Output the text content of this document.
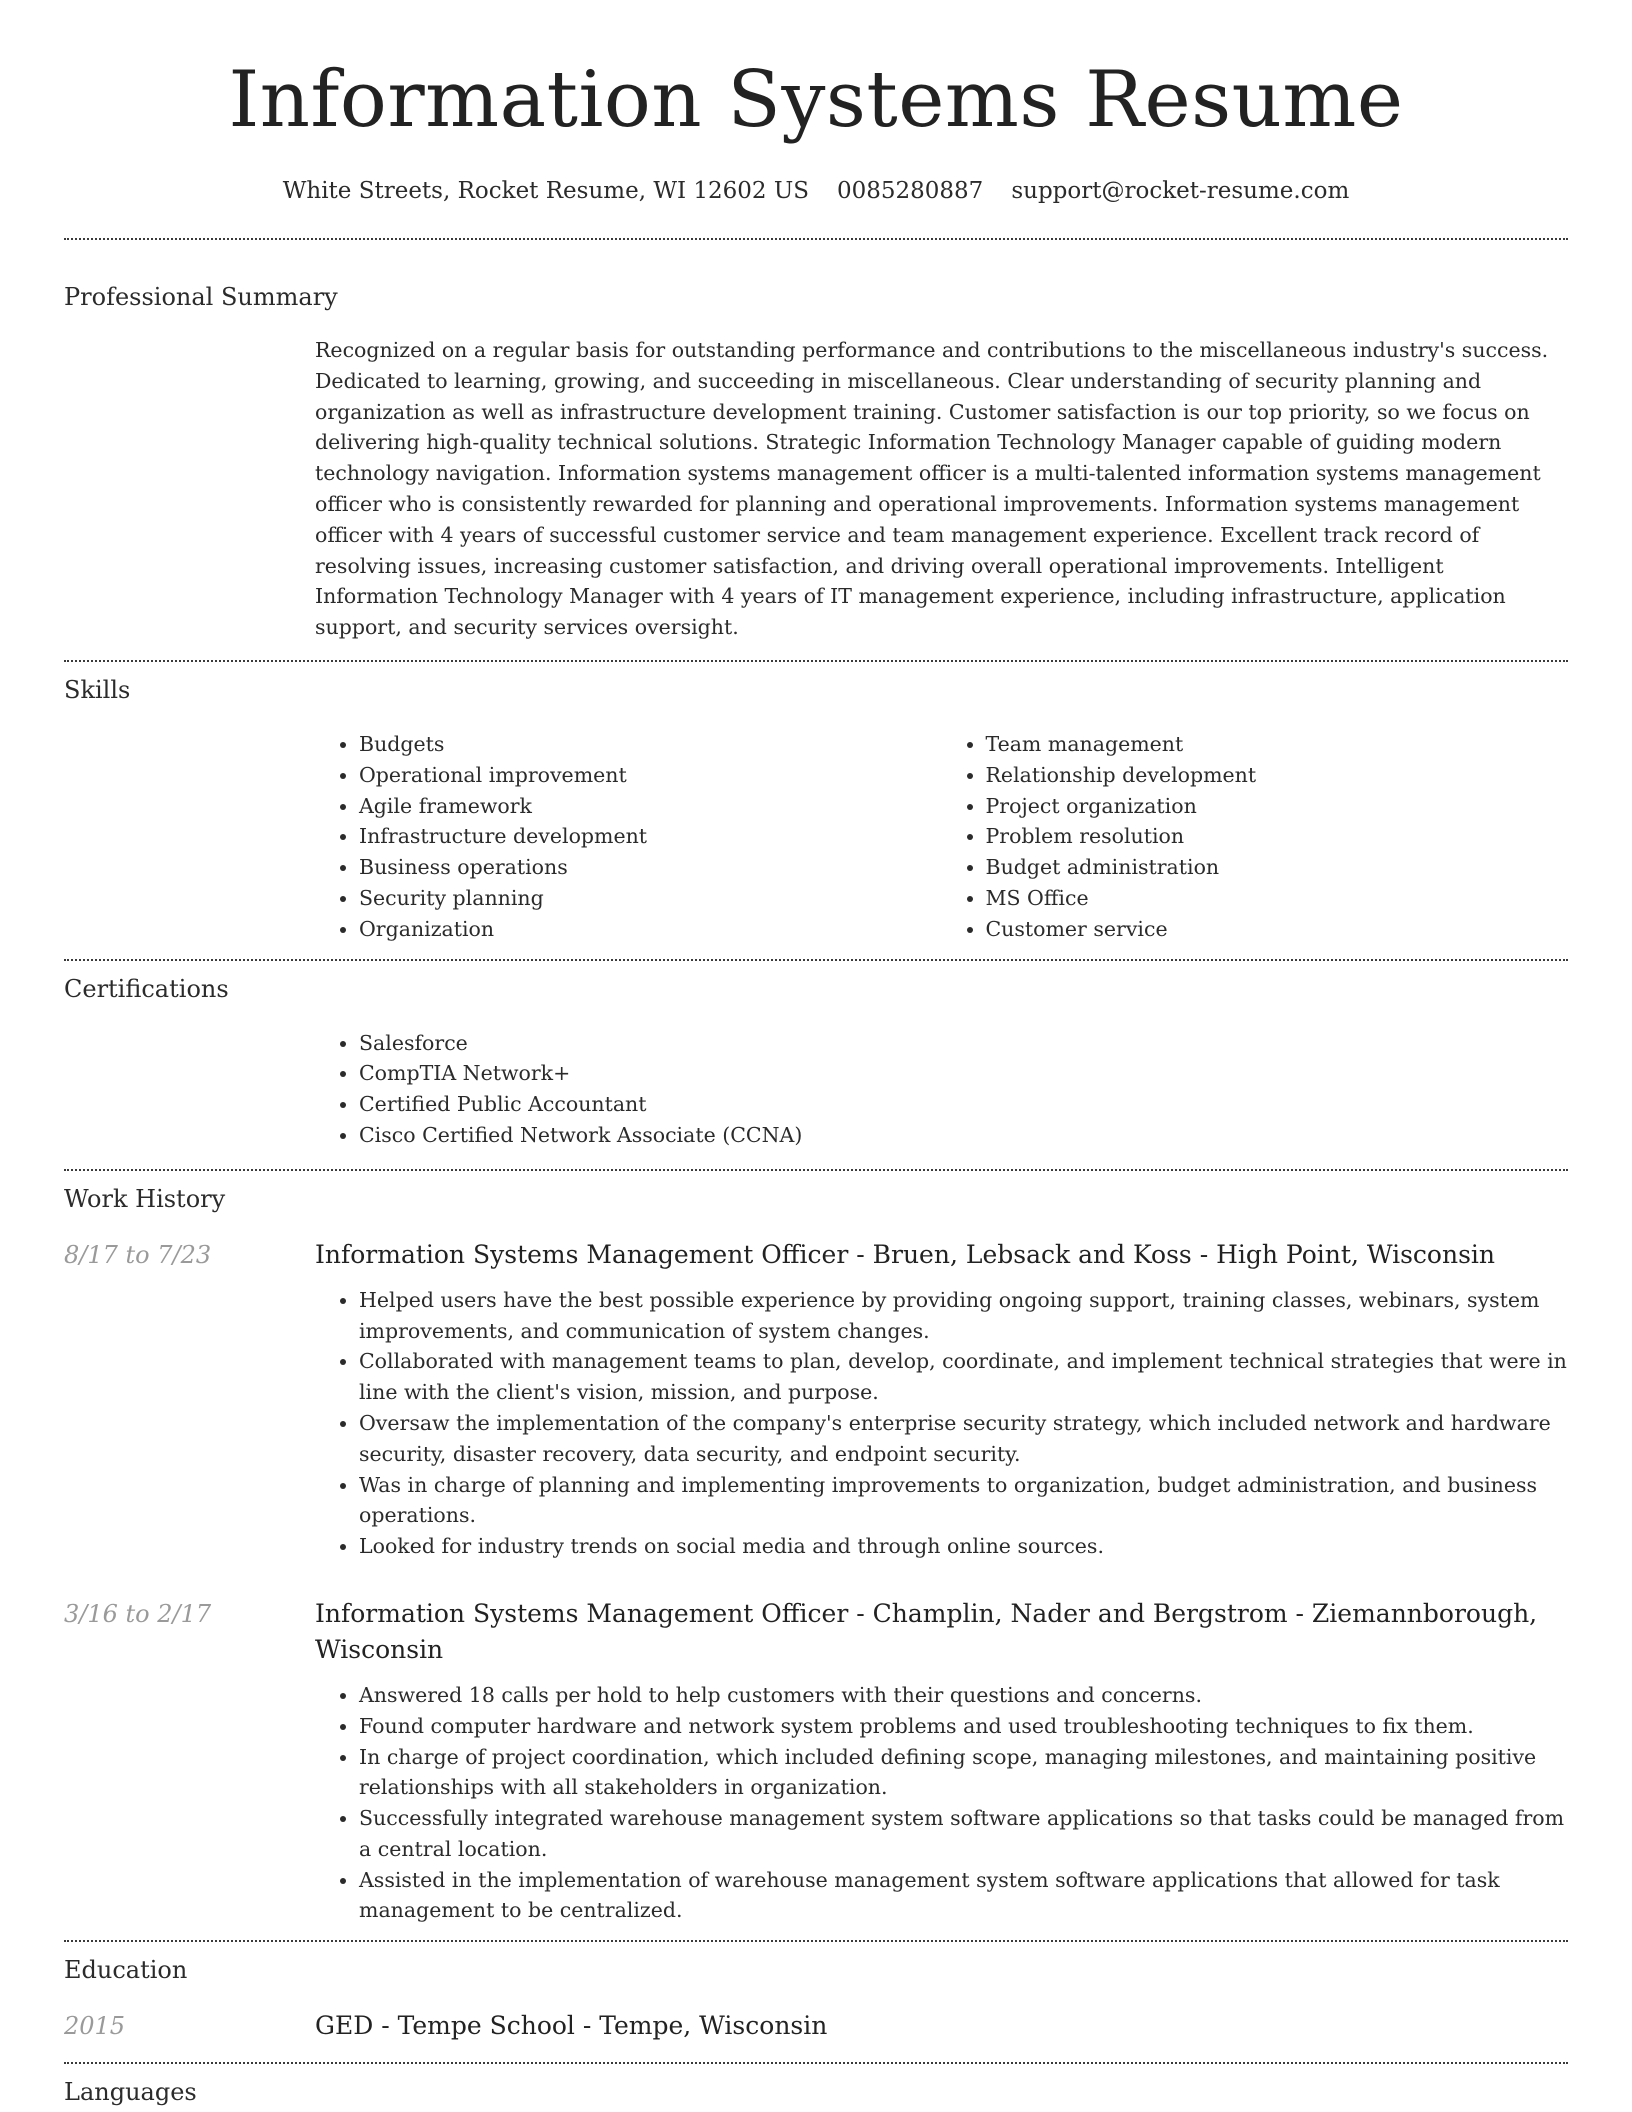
Information Systems Resume
White Streets, Rocket Resume, WI 12602 US 0085280887 support@rocket-resume.com
Professional Summary

Recognized on a regular basis for outstanding performance and contributions to the miscellaneous industry's success. Dedicated to learning, growing, and succeeding in miscellaneous. Clear understanding of security planning and organization as well as infrastructure development training. Customer satisfaction is our top priority, so we focus on delivering high-quality technical solutions. Strategic Information Technology Manager capable of guiding modern technology navigation. Information systems management officer is a multi-talented information systems management officer who is consistently rewarded for planning and operational improvements. Information systems management officer with 4 years of successful customer service and team management experience. Excellent track record of resolving issues, increasing customer satisfaction, and driving overall operational improvements. Intelligent Information Technology Manager with 4 years of IT management experience, including infrastructure, application support, and security services oversight.

Skills
• Budgets
• Operational improvement
• Agile framework
• Infrastructure development
• Business operations
• Security planning
• Organization
• Team management
• Relationship development
• Project organization
• Problem resolution
• Budget administration
• MS Office
• Customer service
Certifications
• Salesforce
• CompTIA Network+
• Certified Public Accountant
• Cisco Certified Network Associate (CCNA)
Work History
8/17 to 7/23	Information Systems Management Officer - Bruen, Lebsack and Koss - High Point, Wisconsin
• Helped users have the best possible experience by providing ongoing support, training classes, webinars, system improvements, and communication of system changes.
• Collaborated with management teams to plan, develop, coordinate, and implement technical strategies that were in line with the client's vision, mission, and purpose.
• Oversaw the implementation of the company's enterprise security strategy, which included network and hardware security, disaster recovery, data security, and endpoint security.
• Was in charge of planning and implementing improvements to organization, budget administration, and business operations.
• Looked for industry trends on social media and through online sources.
3/16 to 2/17	Information Systems Management Officer - Champlin, Nader and Bergstrom - Ziemannborough, Wisconsin
• Answered 18 calls per hold to help customers with their questions and concerns.
• Found computer hardware and network system problems and used troubleshooting techniques to fix them.
• In charge of project coordination, which included defining scope, managing milestones, and maintaining positive relationships with all stakeholders in organization.
• Successfully integrated warehouse management system software applications so that tasks could be managed from a central location.
• Assisted in the implementation of warehouse management system software applications that allowed for task management to be centralized.
Education
2015	GED - Tempe School - Tempe, Wisconsin
Languages
